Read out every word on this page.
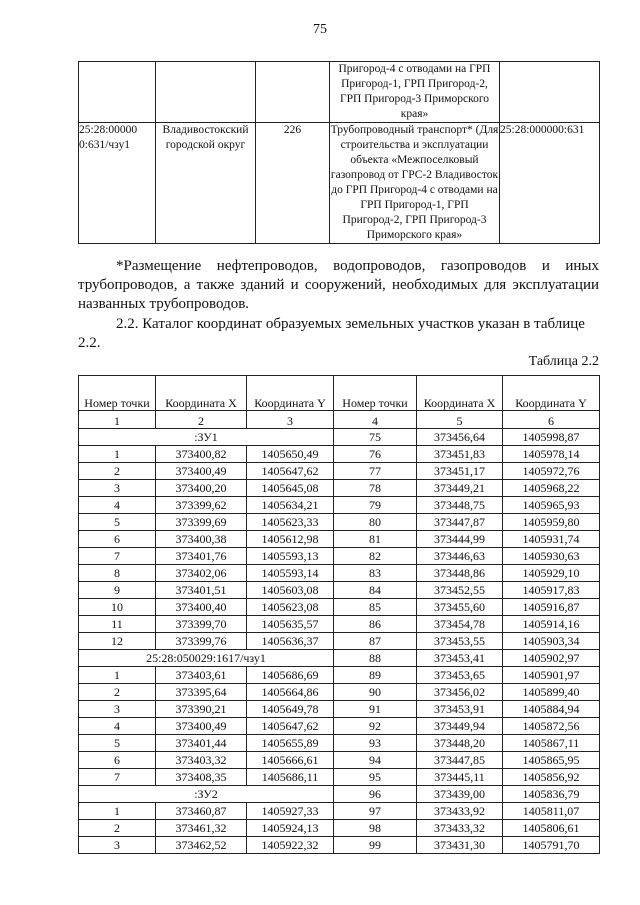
75
			Пригород-4 с отводами на ГРП Пригород-1, ГРП Пригород-2, ГРП Пригород-3 Приморского края»	
25:28:00000 0:631/чзу1	Владивостокский городской округ	226	Трубопроводный транспорт* (Для строительства и эксплуатации объекта «Межпоселковый газопровод от ГРС-2 Владивосток до ГРП Пригород-4 с отводами на ГРП Пригород-1, ГРП Пригород-2, ГРП Пригород-3 Приморского края»	25:28:000000:631
*Размещение нефтепроводов, водопроводов, газопроводов и иных трубопроводов, а также зданий и сооружений, необходимых для эксплуатации названных трубопроводов.
2.2. Каталог координат образуемых земельных участков указан в таблице 2.2.
Таблица 2.2
Номер точки	Координата X	Координата Y	Номер точки	Координата X	Координата Y
1	2	3	4	5	6
:ЗУ1			75	373456,64	1405998,87
1	373400,82	1405650,49	76	373451,83	1405978,14
2	373400,49	1405647,62	77	373451,17	1405972,76
3	373400,20	1405645,08	78	373449,21	1405968,22
4	373399,62	1405634,21	79	373448,75	1405965,93
5	373399,69	1405623,33	80	373447,87	1405959,80
6	373400,38	1405612,98	81	373444,99	1405931,74
7	373401,76	1405593,13	82	373446,63	1405930,63
8	373402,06	1405593,14	83	373448,86	1405929,10
9	373401,51	1405603,08	84	373452,55	1405917,83
10	373400,40	1405623,08	85	373455,60	1405916,87
11	373399,70	1405635,57	86	373454,78	1405914,16
12	373399,76	1405636,37	87	373453,55	1405903,34
25:28:050029:1617/чзу1			88	373453,41	1405902,97
1	373403,61	1405686,69	89	373453,65	1405901,97
2	373395,64	1405664,86	90	373456,02	1405899,40
3	373390,21	1405649,78	91	373453,91	1405884,94
4	373400,49	1405647,62	92	373449,94	1405872,56
5	373401,44	1405655,89	93	373448,20	1405867,11
6	373403,32	1405666,61	94	373447,85	1405865,95
7	373408,35	1405686,11	95	373445,11	1405856,92
:ЗУ2			96	373439,00	1405836,79
1	373460,87	1405927,33	97	373433,92	1405811,07
2	373461,32	1405924,13	98	373433,32	1405806,61
3	373462,52	1405922,32	99	373431,30	1405791,70
